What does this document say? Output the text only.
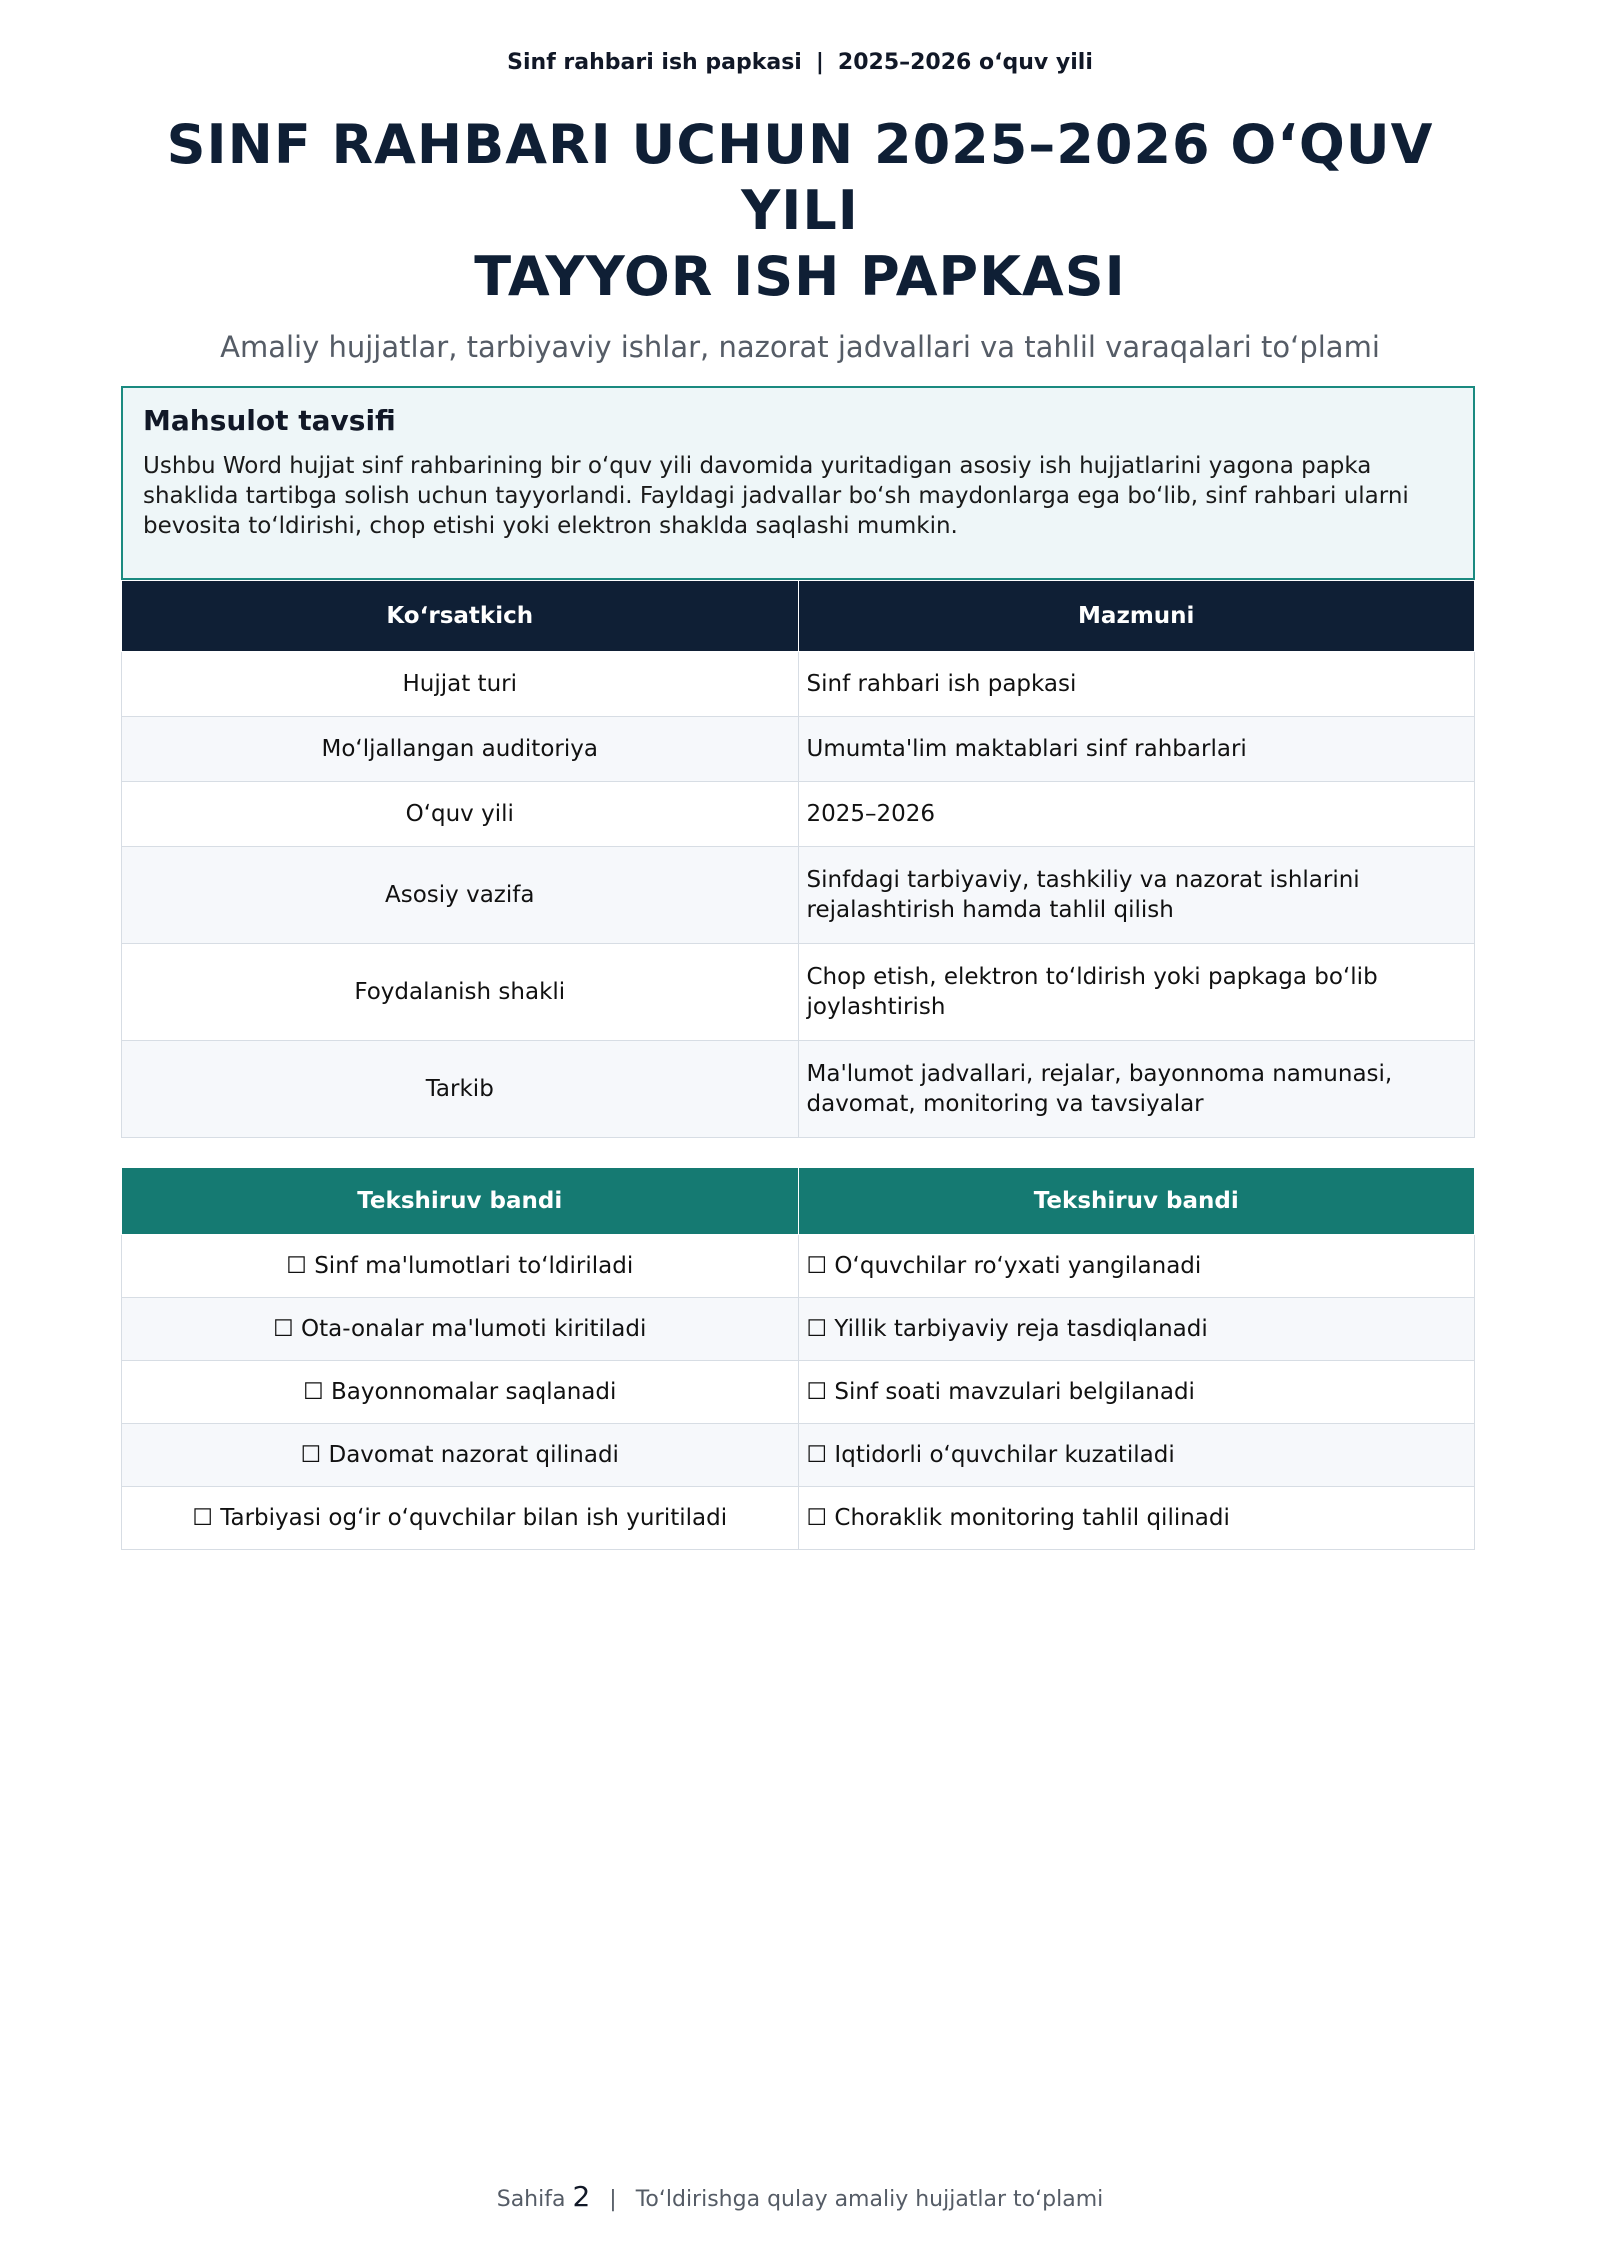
Sinf rahbari ish papkasi | 2025–2026 oʻquv yili
SINF RAHBARI UCHUN 2025–2026 OʻQUV YILI
TAYYOR ISH PAPKASI
Amaliy hujjatlar, tarbiyaviy ishlar, nazorat jadvallari va tahlil varaqalari toʻplami
Mahsulot tavsifi

Ushbu Word hujjat sinf rahbarining bir oʻquv yili davomida yuritadigan asosiy ish hujjatlarini yagona papka shaklida tartibga solish uchun tayyorlandi. Fayldagi jadvallar boʻsh maydonlarga ega boʻlib, sinf rahbari ularni bevosita toʻldirishi, chop etishi yoki elektron shaklda saqlashi mumkin.

Koʻrsatkich	Mazmuni
Hujjat turi	Sinf rahbari ish papkasi
Moʻljallangan auditoriya	Umumta'lim maktablari sinf rahbarlari
Oʻquv yili	2025–2026
Asosiy vazifa	Sinfdagi tarbiyaviy, tashkiliy va nazorat ishlarini rejalashtirish hamda tahlil qilish
Foydalanish shakli	Chop etish, elektron toʻldirish yoki papkaga boʻlib joylashtirish
Tarkib	Ma'lumot jadvallari, rejalar, bayonnoma namunasi, davomat, monitoring va tavsiyalar
Tekshiruv bandi	Tekshiruv bandi
☐ Sinf ma'lumotlari toʻldiriladi	☐ Oʻquvchilar roʻyxati yangilanadi
☐ Ota-onalar ma'lumoti kiritiladi	☐ Yillik tarbiyaviy reja tasdiqlanadi
☐ Bayonnomalar saqlanadi	☐ Sinf soati mavzulari belgilanadi
☐ Davomat nazorat qilinadi	☐ Iqtidorli oʻquvchilar kuzatiladi
☐ Tarbiyasi ogʻir oʻquvchilar bilan ish yuritiladi	☐ Choraklik monitoring tahlil qilinadi
Sahifa 2 | Toʻldirishga qulay amaliy hujjatlar toʻplami
